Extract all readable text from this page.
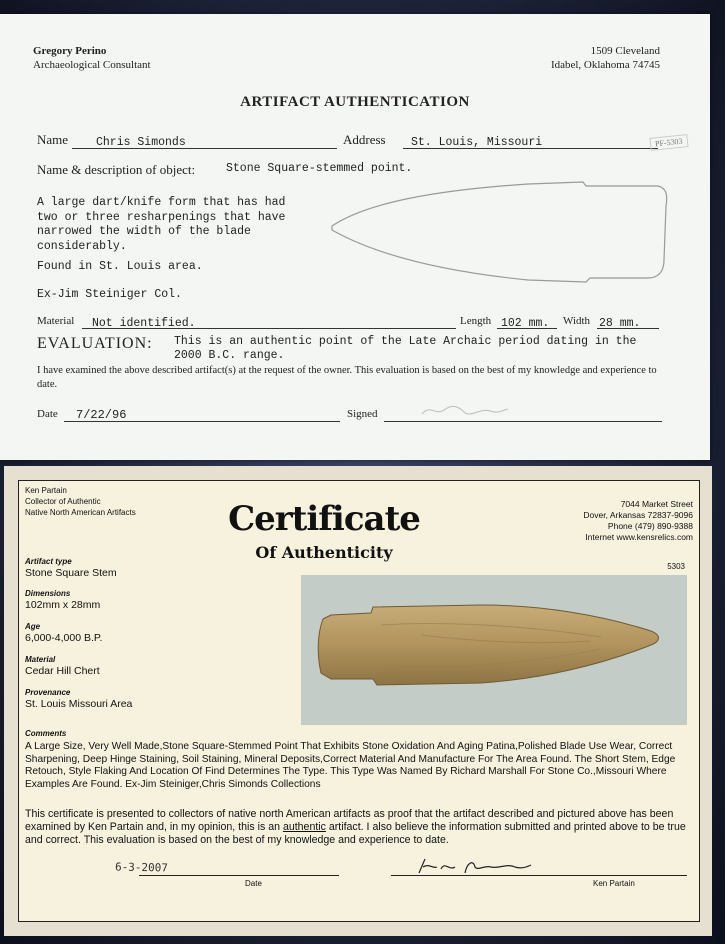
Gregory Perino
Archaeological Consultant
1509 Cleveland
Idabel, Oklahoma 74745
ARTIFACT AUTHENTICATION
Name	Chris Simonds	Address	St. Louis, Missouri	PF-5303
Name & description of object:	Stone Square-stemmed point.
A large dart/knife form that has had
two or three resharpenings that have
narrowed the width of the blade
considerably.
Found in St. Louis area.
Ex-Jim Steiniger Col.
Material	Not identified.	Length 102 mm.	Width 28 mm.
EVALUATION: This is an authentic point of the Late Archaic period dating in the
2000 B.C. range.
I have examined the above described artifact(s) at the request of the owner. This evaluation is based on the best of my knowledge and experience to date.
Date	7/22/96	Signed
Ken Partain
Collector of Authentic
Native North American Artifacts
7044 Market Street
Dover, Arkansas 72837-9096
Phone (479) 890-9388
Internet www.kensrelics.com
Certificate
Of Authenticity
5303
Artifact type
Stone Square Stem
Dimensions
102mm x 28mm
Age
6,000-4,000 B.P.
Material
Cedar Hill Chert
Provenance
St. Louis Missouri Area
Comments
A Large Size, Very Well Made,Stone Square-Stemmed Point That Exhibits Stone Oxidation And Aging Patina,Polished Blade Use Wear, Correct Sharpening, Deep Hinge Staining, Soil Staining, Mineral Deposits,Correct Material And Manufacture For The Area Found. The Short Stem, Edge Retouch, Style Flaking And Location Of Find Determines The Type. This Type Was Named By Richard Marshall For Stone Co.,Missouri Where Examples Are Found. Ex-Jim Steiniger,Chris Simonds Collections
This certificate is presented to collectors of native north American artifacts as proof that the artifact described and pictured above has been examined by Ken Partain and, in my opinion, this is an authentic artifact. I also believe the information submitted and printed above to be true and correct. This evaluation is based on the best of my knowledge and experience to date.
6-3-2007
Date	Ken Partain
